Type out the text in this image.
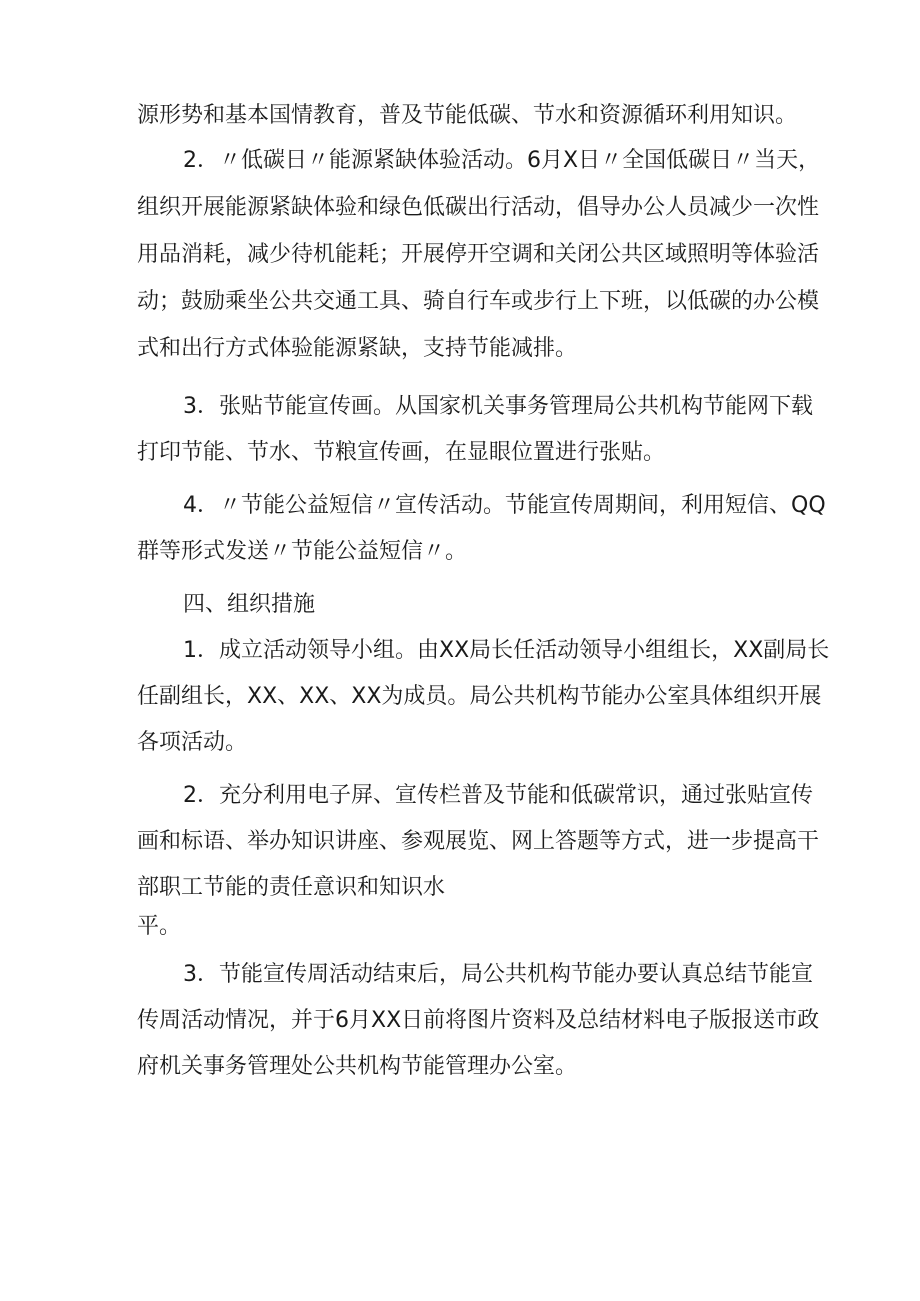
源形势和基本国情教育，普及节能低碳、节水和资源循环利用知识。
2．〃低碳日〃能源紧缺体验活动。6月X日〃全国低碳日〃当天，
组织开展能源紧缺体验和绿色低碳出行活动，倡导办公人员减少一次性
用品消耗，减少待机能耗；开展停开空调和关闭公共区域照明等体验活
动；鼓励乘坐公共交通工具、骑自行车或步行上下班，以低碳的办公模
式和出行方式体验能源紧缺，支持节能减排。
3．张贴节能宣传画。从国家机关事务管理局公共机构节能网下载
打印节能、节水、节粮宣传画，在显眼位置进行张贴。
4．〃节能公益短信〃宣传活动。节能宣传周期间，利用短信、QQ
群等形式发送〃节能公益短信〃。
四、组织措施
1．成立活动领导小组。由XX局长任活动领导小组组长，XX副局长
任副组长，XX、XX、XX为成员。局公共机构节能办公室具体组织开展
各项活动。
2．充分利用电子屏、宣传栏普及节能和低碳常识，通过张贴宣传
画和标语、举办知识讲座、参观展览、网上答题等方式，进一步提高干
部职工节能的责任意识和知识水
平。
3．节能宣传周活动结束后，局公共机构节能办要认真总结节能宣
传周活动情况，并于6月XX日前将图片资料及总结材料电子版报送市政
府机关事务管理处公共机构节能管理办公室。
